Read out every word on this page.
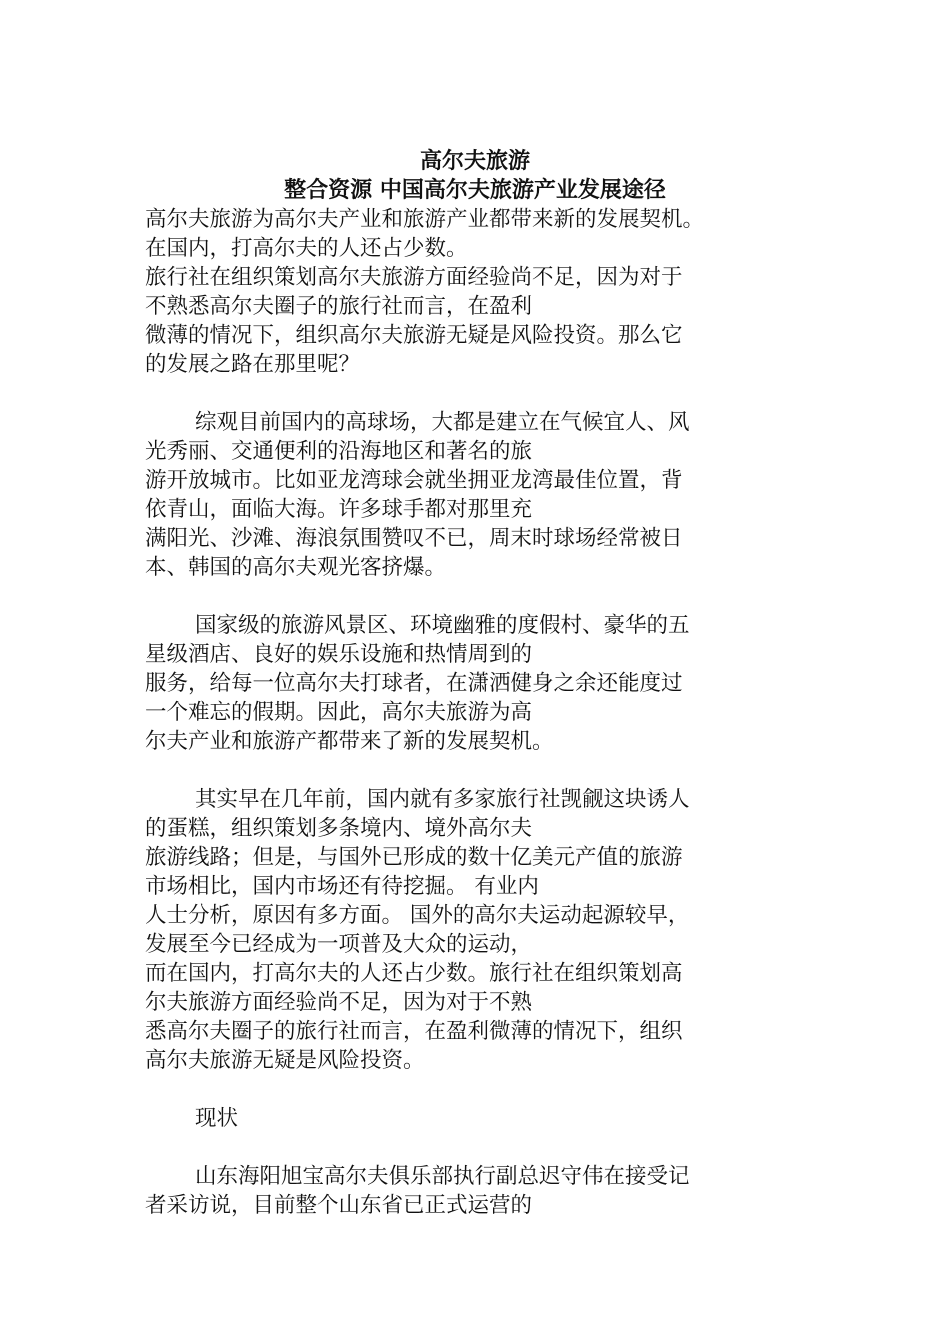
高尔夫旅游
整合资源 中国高尔夫旅游产业发展途径
高尔夫旅游为高尔夫产业和旅游产业都带来新的发展契机。
在国内，打高尔夫的人还占少数。
旅行社在组织策划高尔夫旅游方面经验尚不足，因为对于
不熟悉高尔夫圈子的旅行社而言，在盈利
微薄的情况下，组织高尔夫旅游无疑是风险投资。那么它
的发展之路在那里呢？
综观目前国内的高球场，大都是建立在气候宜人、风
光秀丽、交通便利的沿海地区和著名的旅
游开放城市。比如亚龙湾球会就坐拥亚龙湾最佳位置，背
依青山，面临大海。许多球手都对那里充
满阳光、沙滩、海浪氛围赞叹不已，周末时球场经常被日
本、韩国的高尔夫观光客挤爆。
国家级的旅游风景区、环境幽雅的度假村、豪华的五
星级酒店、良好的娱乐设施和热情周到的
服务，给每一位高尔夫打球者，在潇洒健身之余还能度过
一个难忘的假期。因此，高尔夫旅游为高
尔夫产业和旅游产都带来了新的发展契机。
其实早在几年前，国内就有多家旅行社觊觎这块诱人
的蛋糕，组织策划多条境内、境外高尔夫
旅游线路；但是，与国外已形成的数十亿美元产值的旅游
市场相比，国内市场还有待挖掘。 有业内
人士分析，原因有多方面。 国外的高尔夫运动起源较早，
发展至今已经成为一项普及大众的运动，
而在国内，打高尔夫的人还占少数。旅行社在组织策划高
尔夫旅游方面经验尚不足，因为对于不熟
悉高尔夫圈子的旅行社而言，在盈利微薄的情况下，组织
高尔夫旅游无疑是风险投资。
现状
山东海阳旭宝高尔夫俱乐部执行副总迟守伟在接受记
者采访说，目前整个山东省已正式运营的
